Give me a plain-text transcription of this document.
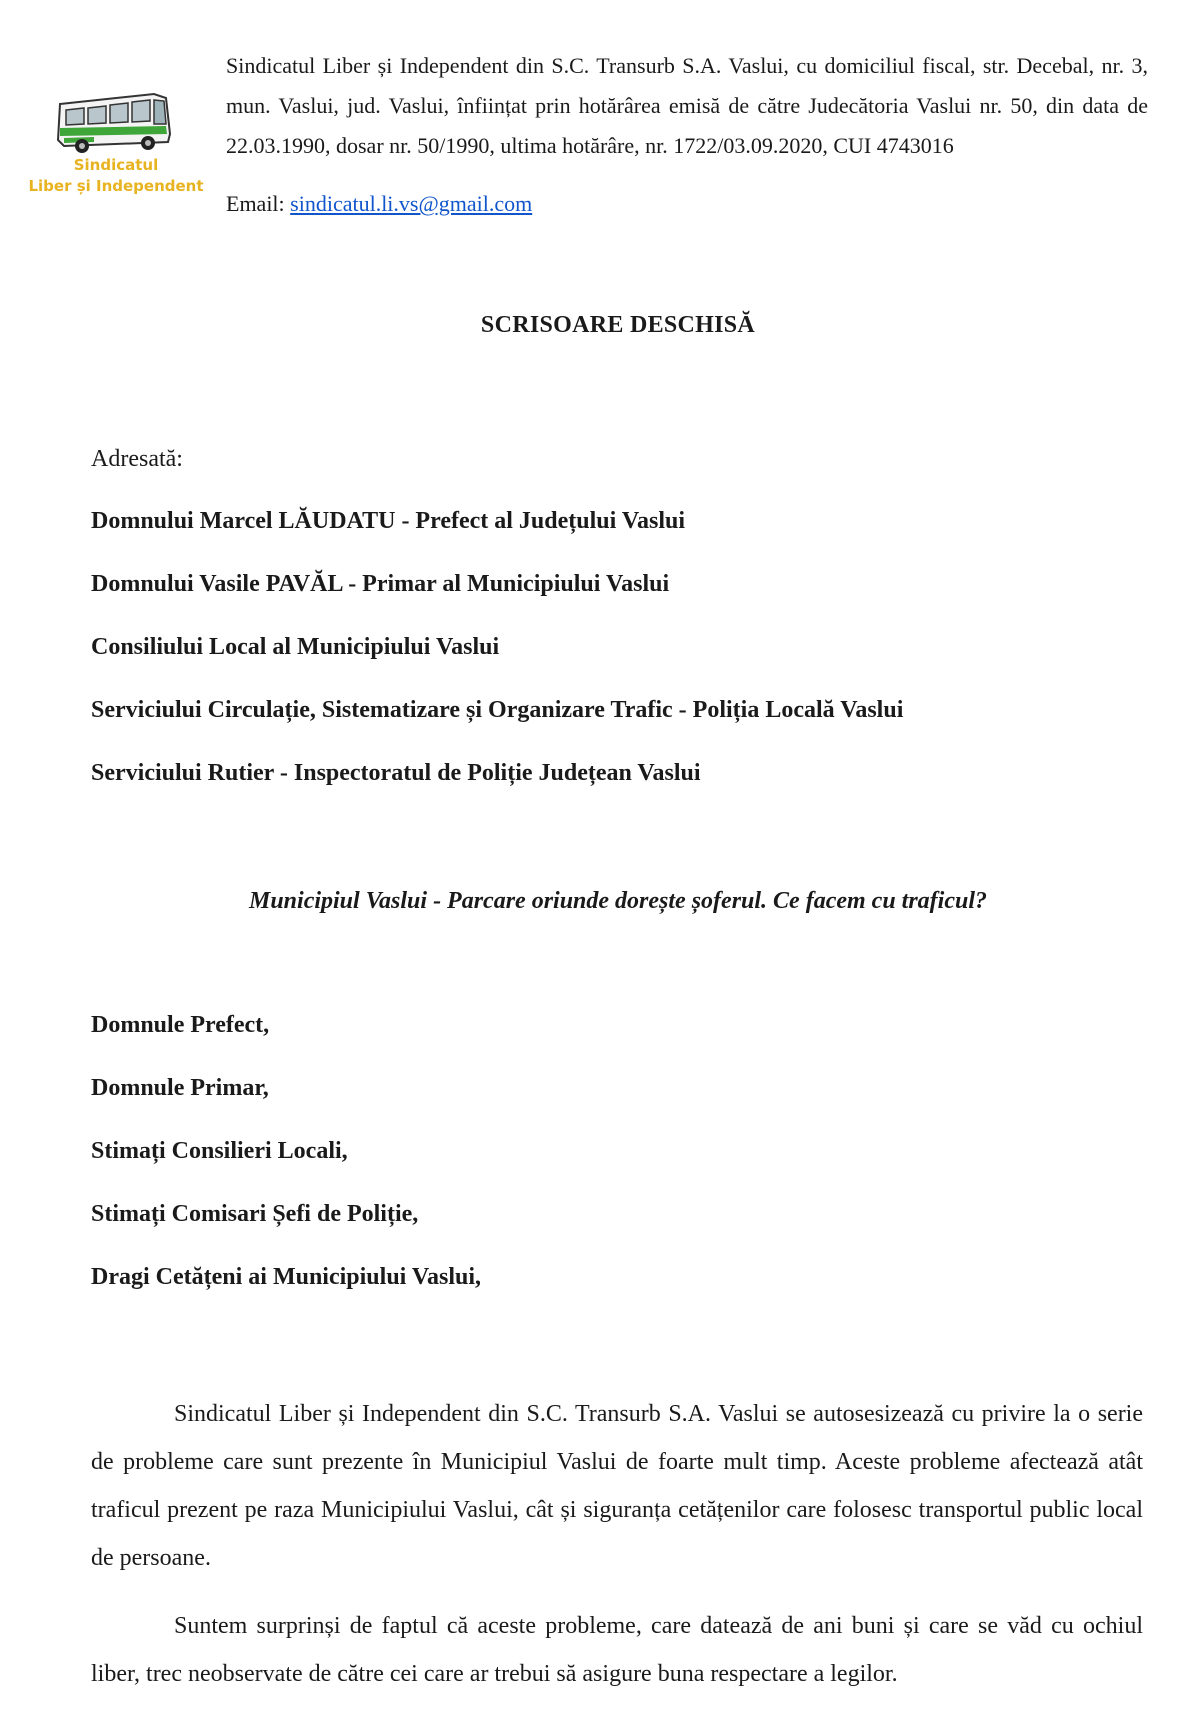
Sindicatul
Liber și Independent
Sindicatul Liber și Independent din S.C. Transurb S.A. Vaslui, cu domiciliul fiscal, str. Decebal, nr. 3, mun. Vaslui, jud. Vaslui, înființat prin hotărârea emisă de către Judecătoria Vaslui nr. 50, din data de 22.03.1990, dosar nr. 50/1990, ultima hotărâre, nr. 1722/03.09.2020, CUI 4743016
Email: sindicatul.li.vs@gmail.com
SCRISOARE DESCHISĂ
Adresată:
Domnului Marcel LĂUDATU - Prefect al Județului Vaslui
Domnului Vasile PAVĂL - Primar al Municipiului Vaslui
Consiliului Local al Municipiului Vaslui
Serviciului Circulație, Sistematizare și Organizare Trafic - Poliția Locală Vaslui
Serviciului Rutier - Inspectoratul de Poliție Județean Vaslui
Municipiul Vaslui - Parcare oriunde dorește șoferul. Ce facem cu traficul?
Domnule Prefect,
Domnule Primar,
Stimați Consilieri Locali,
Stimați Comisari Șefi de Poliție,
Dragi Cetățeni ai Municipiului Vaslui,

Sindicatul Liber și Independent din S.C. Transurb S.A. Vaslui se autosesizează cu privire la o serie de probleme care sunt prezente în Municipiul Vaslui de foarte mult timp. Aceste probleme afectează atât traficul prezent pe raza Municipiului Vaslui, cât și siguranța cetățenilor care folosesc transportul public local de persoane.

Suntem surprinși de faptul că aceste probleme, care datează de ani buni și care se văd cu ochiul liber, trec neobservate de către cei care ar trebui să asigure buna respectare a legilor.
